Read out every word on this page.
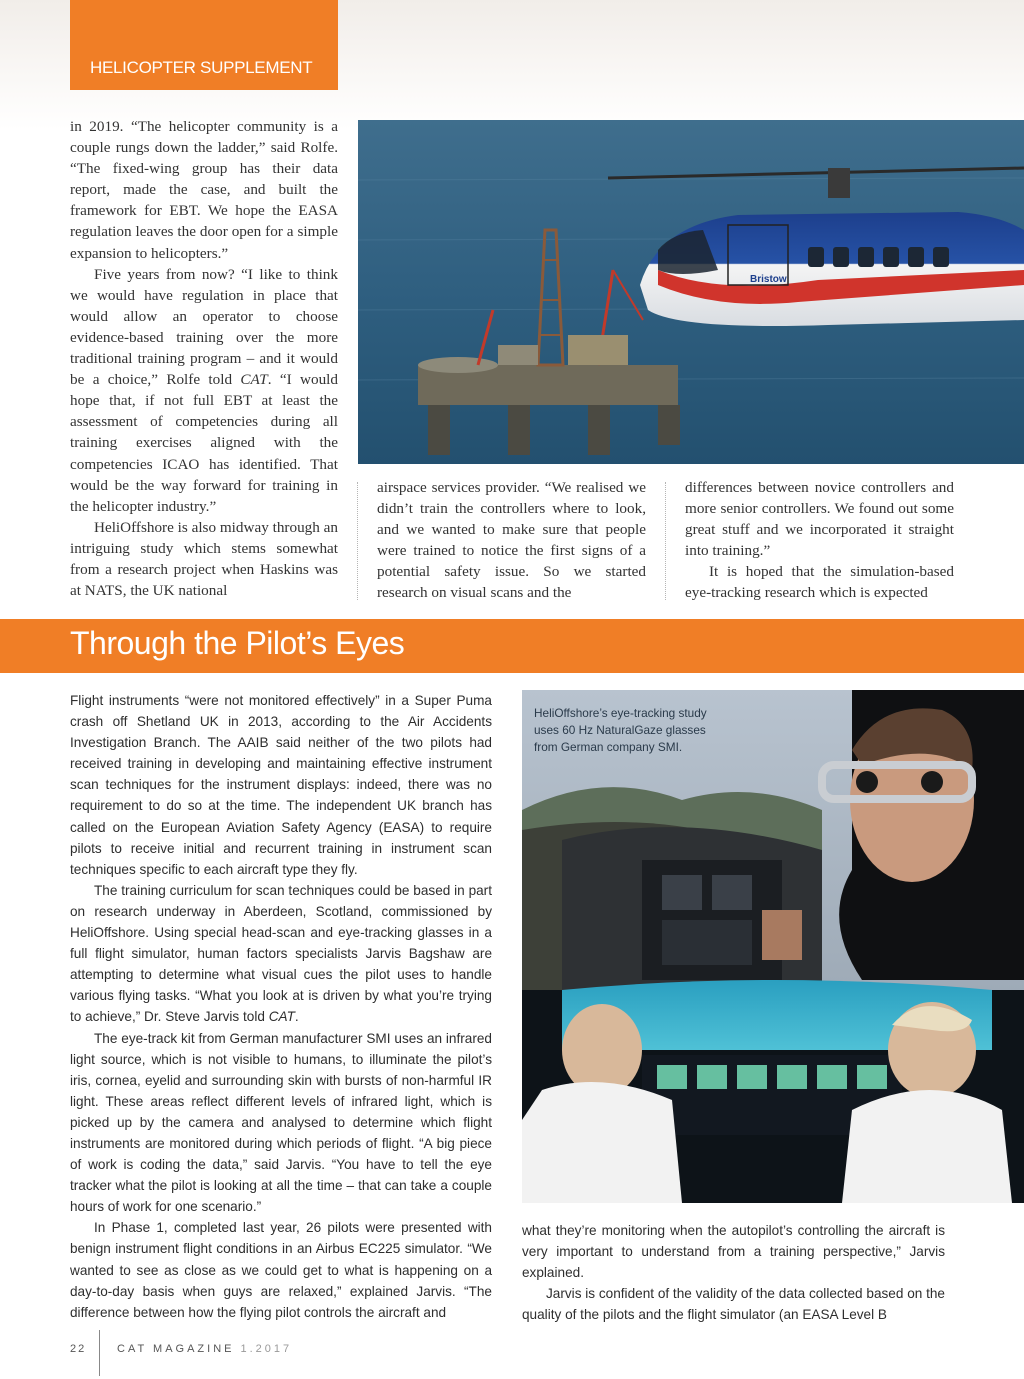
HELICOPTER SUPPLEMENT

in 2019. “The helicopter community is a couple rungs down the ladder,” said Rolfe. “The fixed-wing group has their data report, made the case, and built the framework for EBT. We hope the EASA regulation leaves the door open for a simple expansion to helicopters.”

Five years from now? “I like to think we would have regulation in place that would allow an operator to choose evidence-based training over the more traditional training program – and it would be a choice,” Rolfe told CAT. “I would hope that, if not full EBT at least the assessment of competencies during all training exercises aligned with the competencies ICAO has identified. That would be the way forward for training in the helicopter industry.”

HeliOffshore is also midway through an intriguing study which stems somewhat from a research project when Haskins was at NATS, the UK national

Bristow

airspace services provider. “We realised we didn’t train the controllers where to look, and we wanted to make sure that people were trained to notice the first signs of a potential safety issue. So we started research on visual scans and the

differences between novice controllers and more senior controllers. We found out some great stuff and we incorporated it straight into training.”

It is hoped that the simulation-based eye-tracking research which is expected

Through the Pilot’s Eyes

Flight instruments “were not monitored effectively” in a Super Puma crash off Shetland UK in 2013, according to the Air Accidents Investigation Branch. The AAIB said neither of the two pilots had received training in developing and maintaining effective instrument scan techniques for the instrument displays: indeed, there was no requirement to do so at the time. The independent UK branch has called on the European Aviation Safety Agency (EASA) to require pilots to receive initial and recurrent training in instrument scan techniques specific to each aircraft type they fly.

The training curriculum for scan techniques could be based in part on research underway in Aberdeen, Scotland, commissioned by HeliOffshore. Using special head-scan and eye-tracking glasses in a full flight simulator, human factors specialists Jarvis Bagshaw are attempting to determine what visual cues the pilot uses to handle various flying tasks. “What you look at is driven by what you’re trying to achieve,” Dr. Steve Jarvis told CAT.

The eye-track kit from German manufacturer SMI uses an infrared light source, which is not visible to humans, to illuminate the pilot’s iris, cornea, eyelid and surrounding skin with bursts of non-harmful IR light. These areas reflect different levels of infrared light, which is picked up by the camera and analysed to determine which flight instruments are monitored during which periods of flight. “A big piece of work is coding the data,” said Jarvis. “You have to tell the eye tracker what the pilot is looking at all the time – that can take a couple hours of work for one scenario.”

In Phase 1, completed last year, 26 pilots were presented with benign instrument flight conditions in an Airbus EC225 simulator. “We wanted to see as close as we could get to what is happening on a day-to-day basis when guys are relaxed,” explained Jarvis. “The difference between how the flying pilot controls the aircraft and

HeliOffshore’s eye-tracking study uses 60 Hz NaturalGaze glasses from German company SMI.

what they’re monitoring when the autopilot’s controlling the aircraft is very important to understand from a training perspective,” Jarvis explained.

Jarvis is confident of the validity of the data collected based on the quality of the pilots and the flight simulator (an EASA Level B

22	CAT MAGAZINE 1.2017
